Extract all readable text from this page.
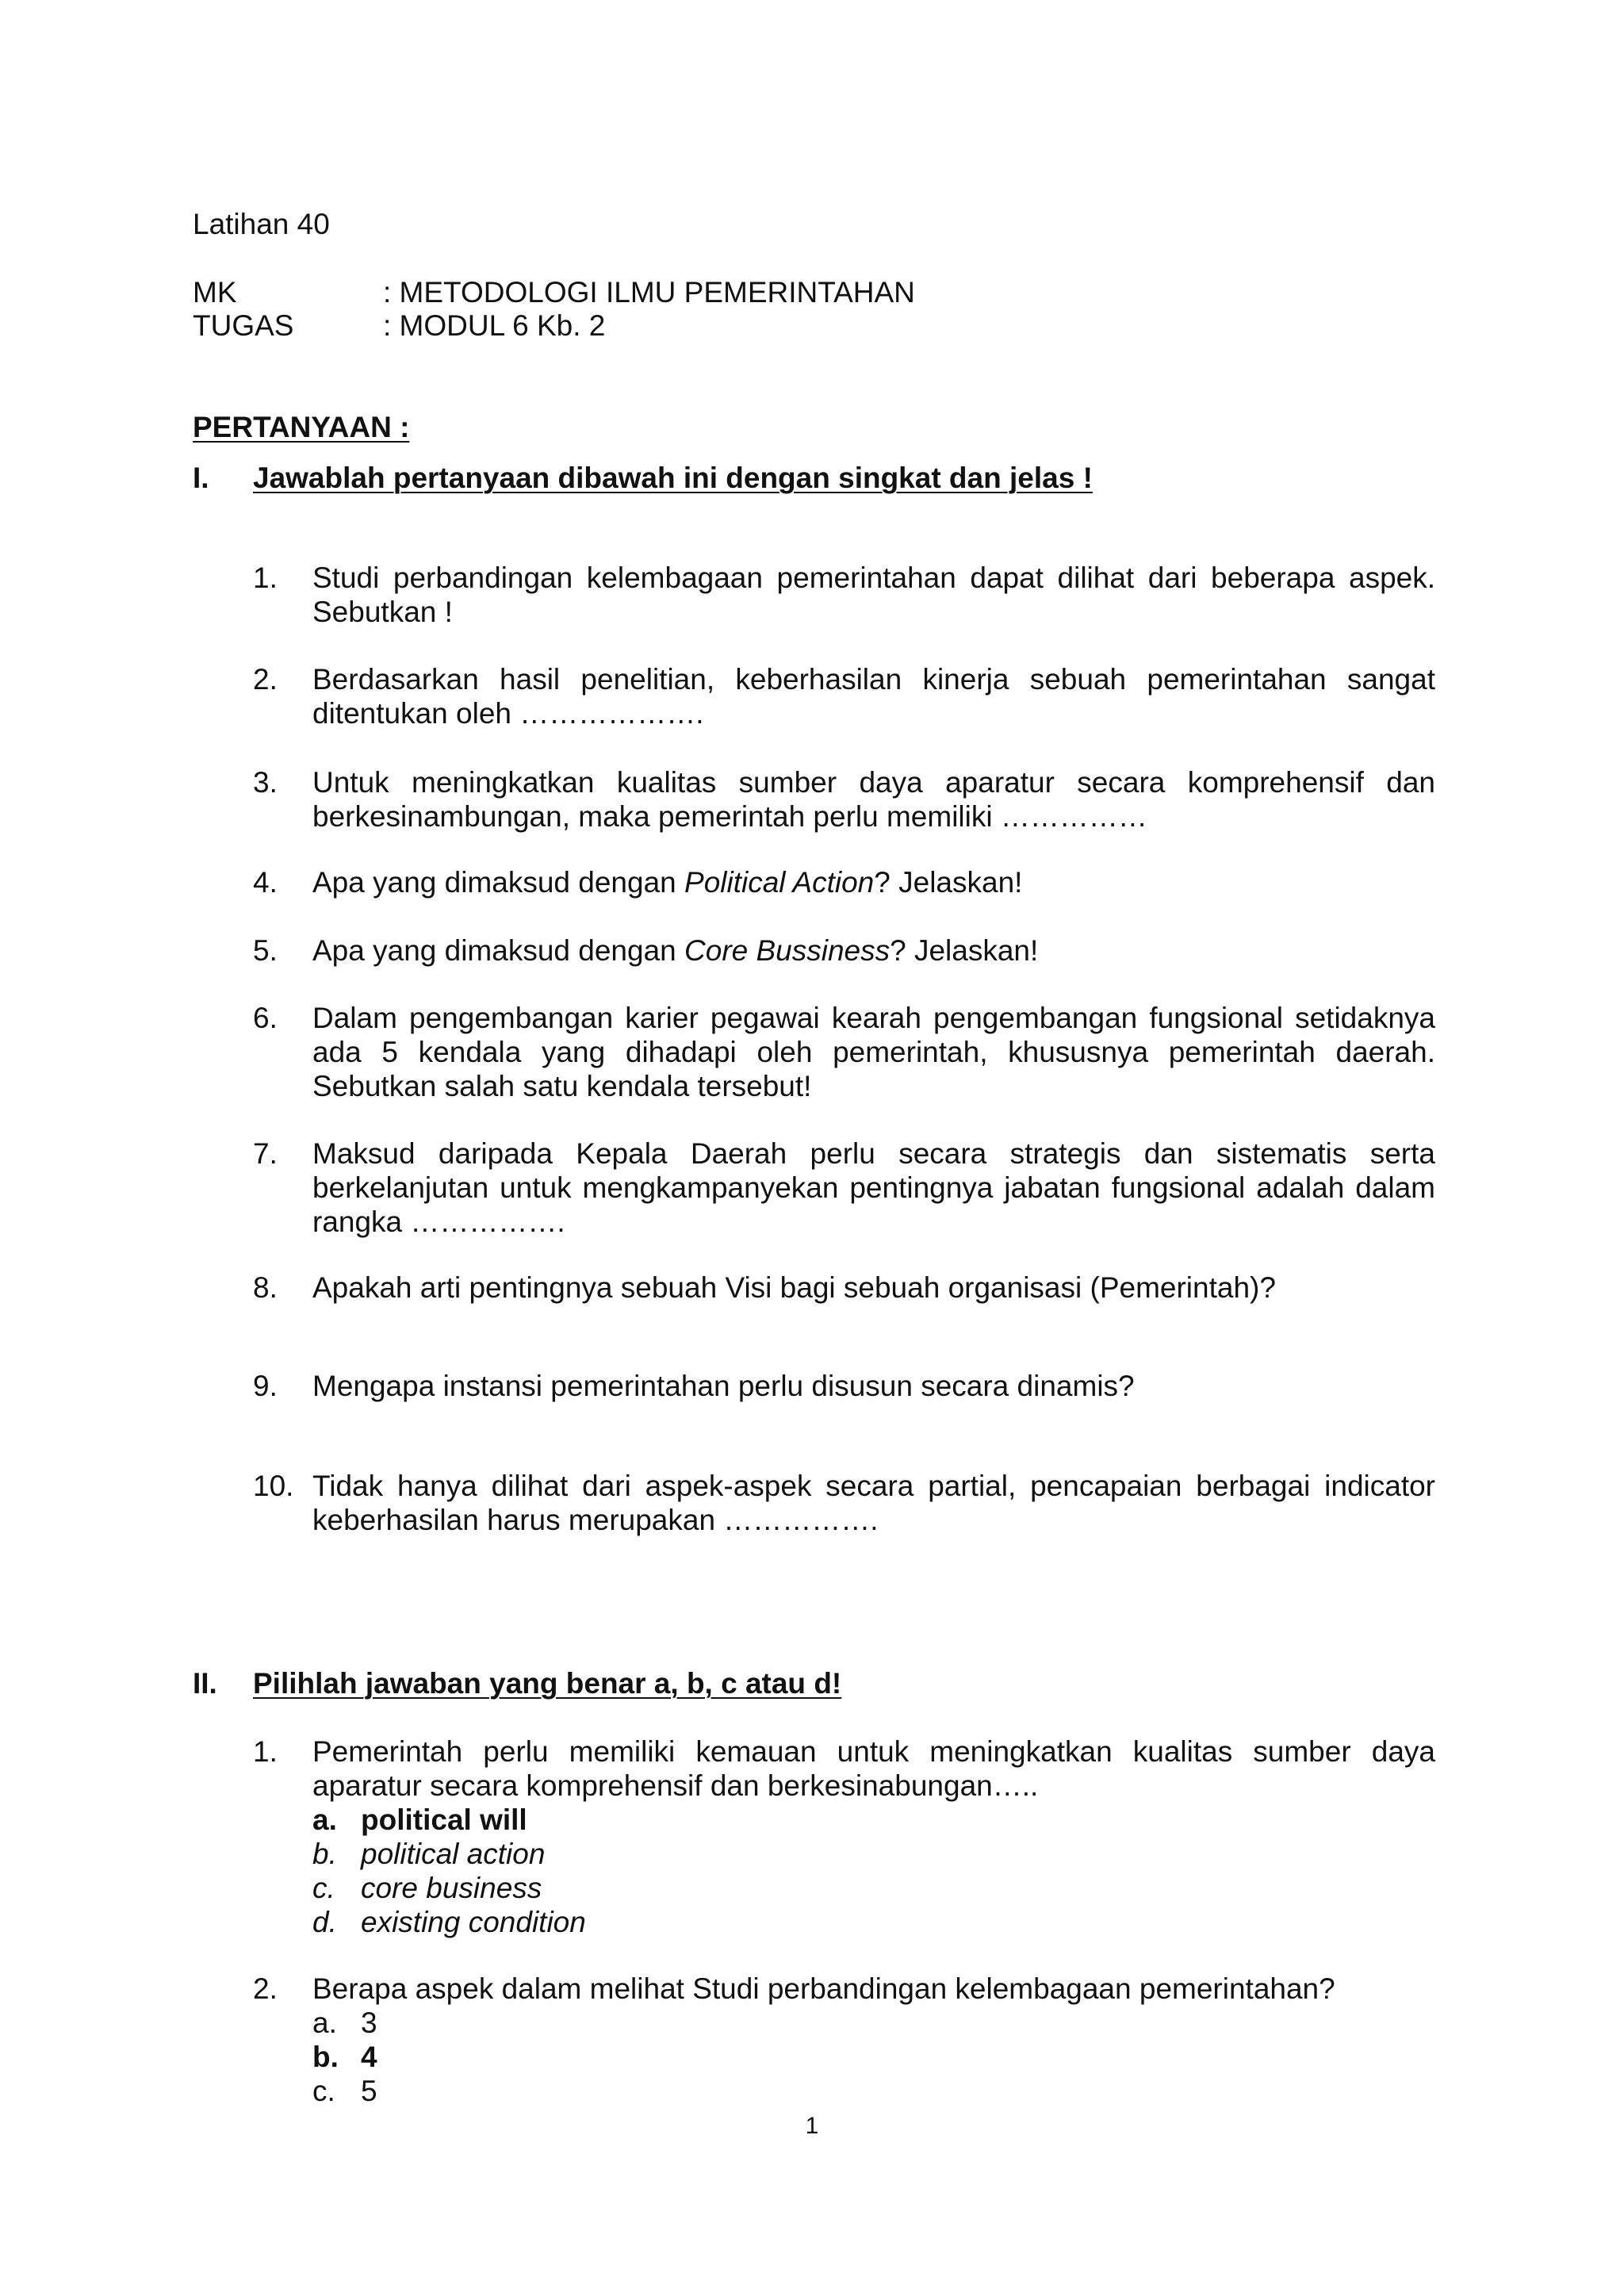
Latihan 40
MK	: METODOLOGI ILMU PEMERINTAHAN
TUGAS	: MODUL 6 Kb. 2
PERTANYAAN :
I. Jawablah pertanyaan dibawah ini dengan singkat dan jelas !
1. Studi perbandingan kelembagaan pemerintahan dapat dilihat dari beberapa aspek. Sebutkan !
2. Berdasarkan hasil penelitian, keberhasilan kinerja sebuah pemerintahan sangat ditentukan oleh ……………….
3. Untuk meningkatkan kualitas sumber daya aparatur secara komprehensif dan berkesinambungan, maka pemerintah perlu memiliki ……………
4. Apa yang dimaksud dengan Political Action? Jelaskan!
5. Apa yang dimaksud dengan Core Bussiness? Jelaskan!
6. Dalam pengembangan karier pegawai kearah pengembangan fungsional setidaknya ada 5 kendala yang dihadapi oleh pemerintah, khususnya pemerintah daerah. Sebutkan salah satu kendala tersebut!
7. Maksud daripada Kepala Daerah perlu secara strategis dan sistematis serta berkelanjutan untuk mengkampanyekan pentingnya jabatan fungsional adalah dalam rangka …………….
8. Apakah arti pentingnya sebuah Visi bagi sebuah organisasi (Pemerintah)?
9. Mengapa instansi pemerintahan perlu disusun secara dinamis?
10. Tidak hanya dilihat dari aspek-aspek secara partial, pencapaian berbagai indicator keberhasilan harus merupakan …………….
II. Pilihlah jawaban yang benar a, b, c atau d!
1. Pemerintah perlu memiliki kemauan untuk meningkatkan kualitas sumber daya aparatur secara komprehensif dan berkesinabungan…..
a. political will
b. political action
c. core business
d. existing condition
2. Berapa aspek dalam melihat Studi perbandingan kelembagaan pemerintahan?
a. 3
b. 4
c. 5
1
